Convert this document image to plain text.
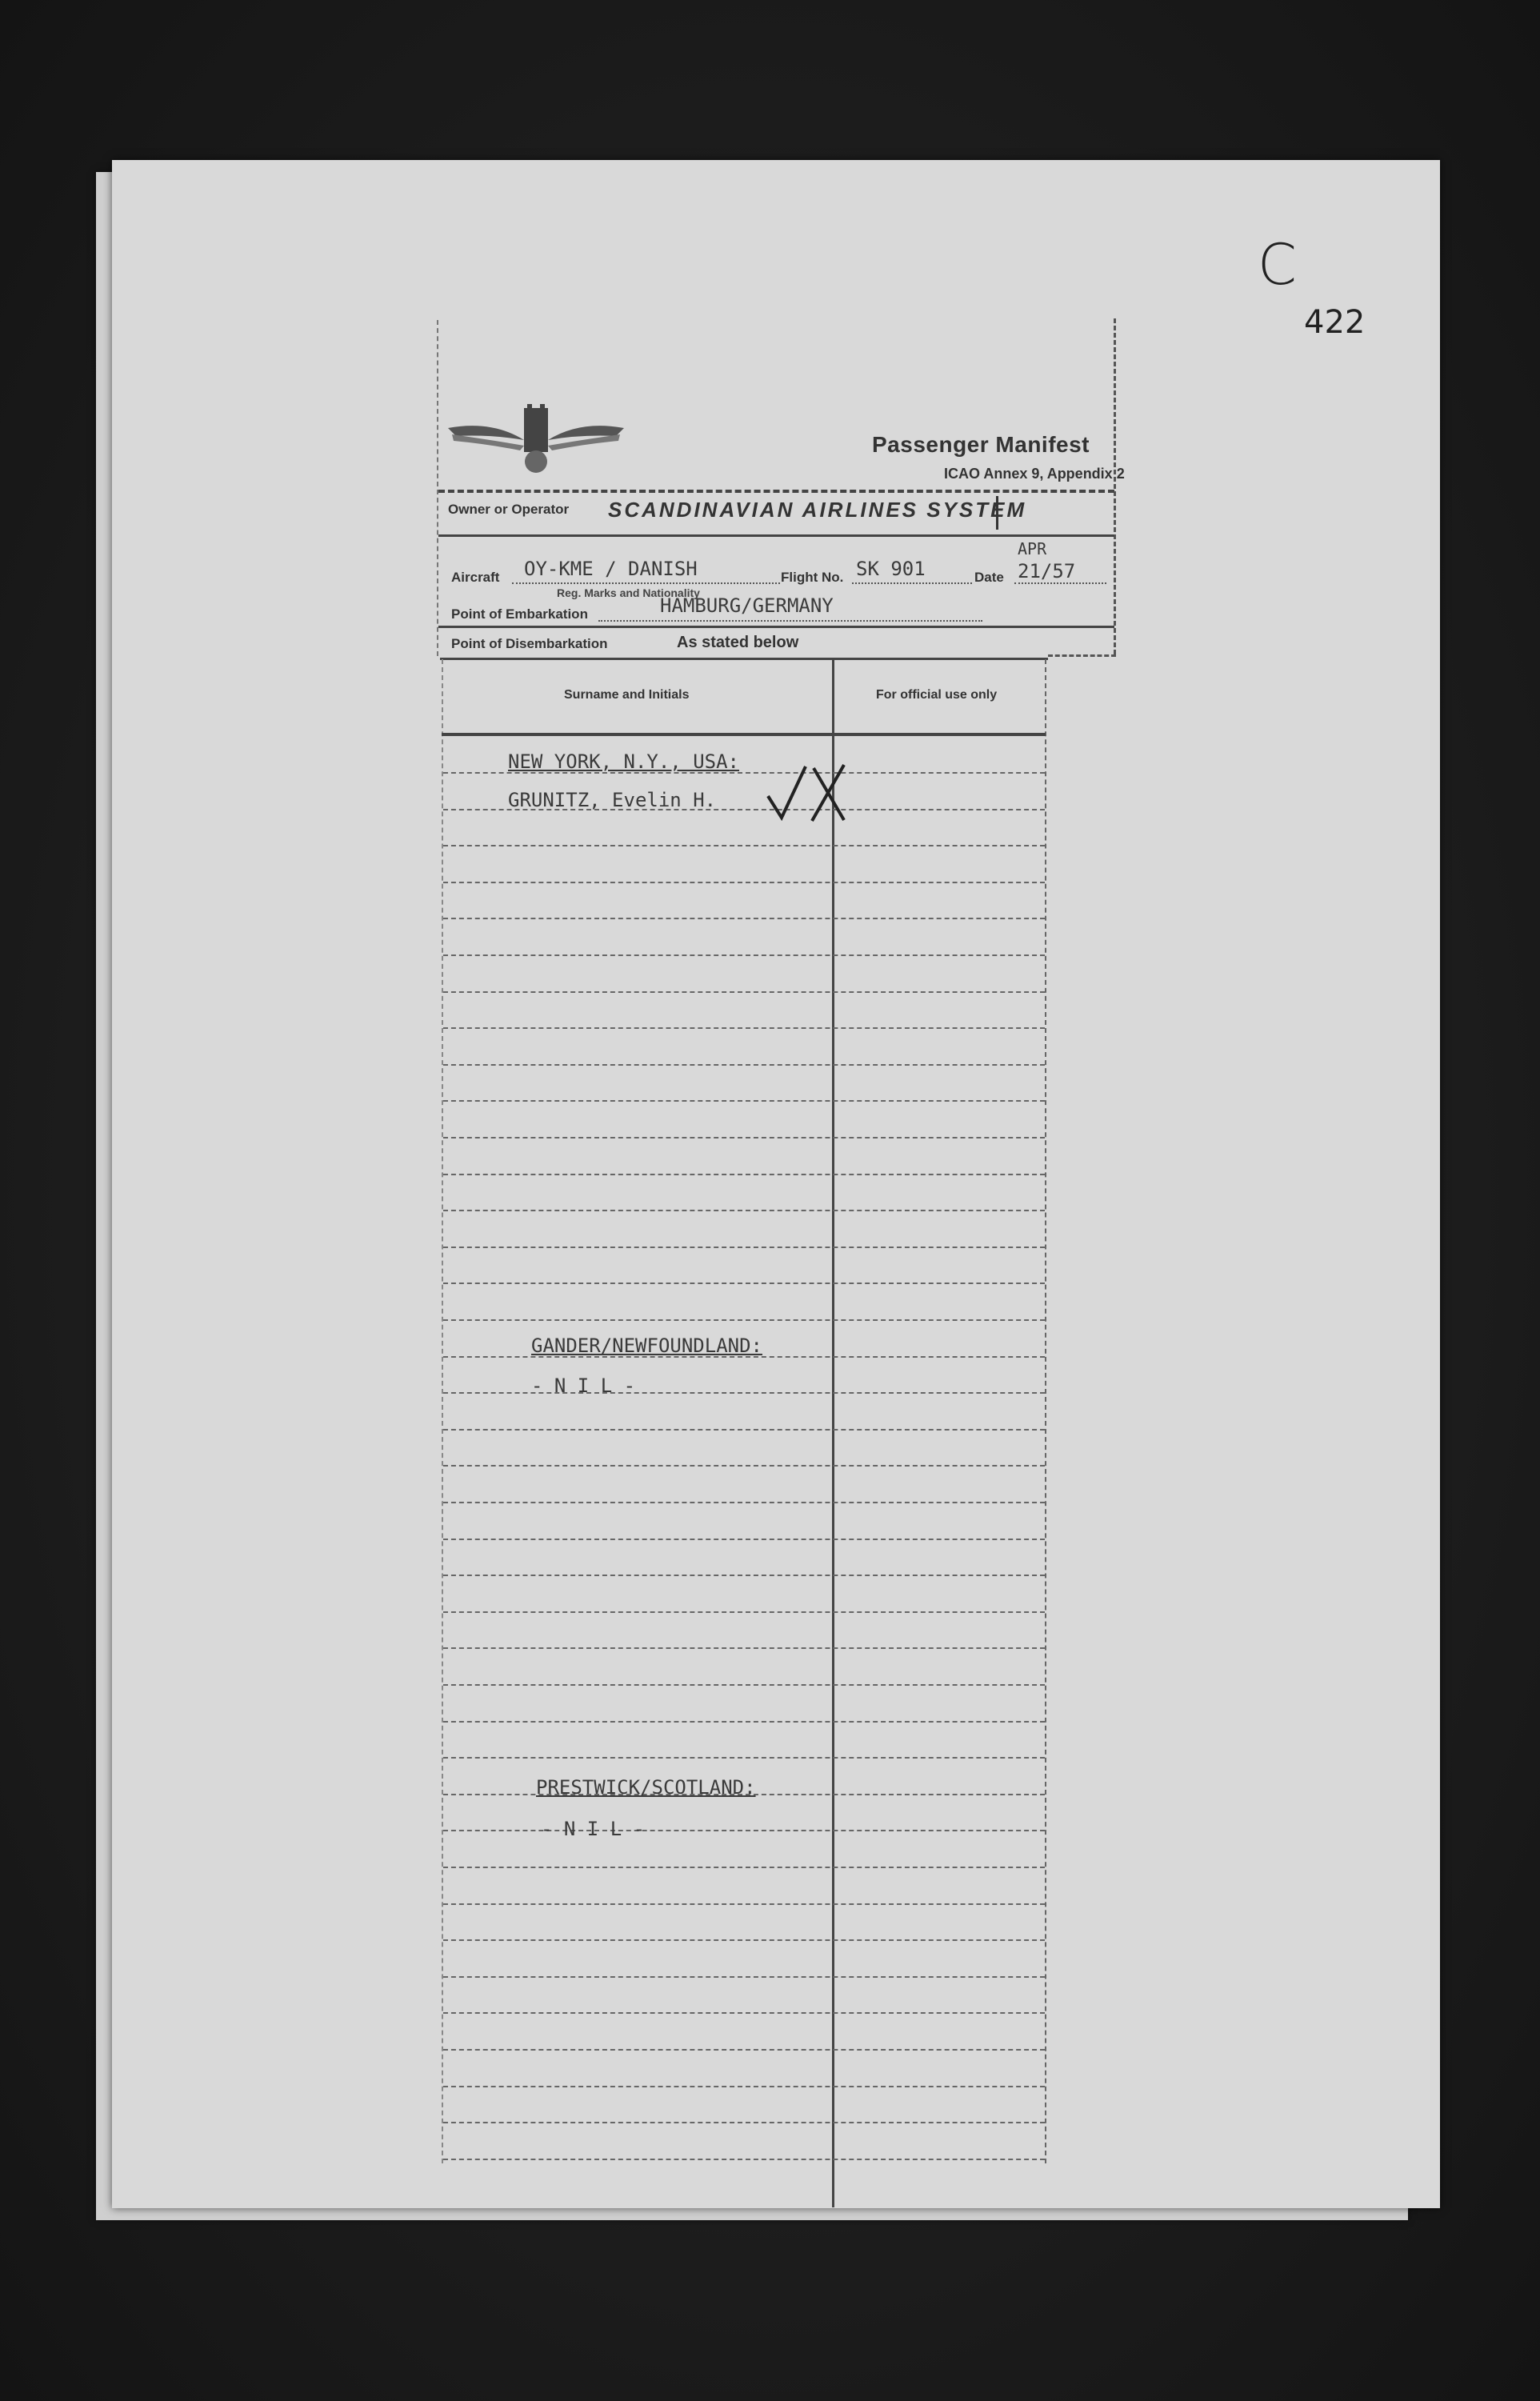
C
422
Passenger Manifest
ICAO Annex 9, Appendix 2
Owner or Operator SCANDINAVIAN AIRLINES SYSTEM
Aircraft OY-KME / DANISH
Reg. Marks and Nationality
Flight No. SK 901	Date
APR
21/57
Point of Embarkation	HAMBURG/GERMANY
Point of Disembarkation	As stated below
Surname and Initials	For official use only
NEW YORK, N.Y., USA:
GRUNITZ, Evelin H.
GANDER/NEWFOUNDLAND:
- N I L -
PRESTWICK/SCOTLAND:
- N I L -
